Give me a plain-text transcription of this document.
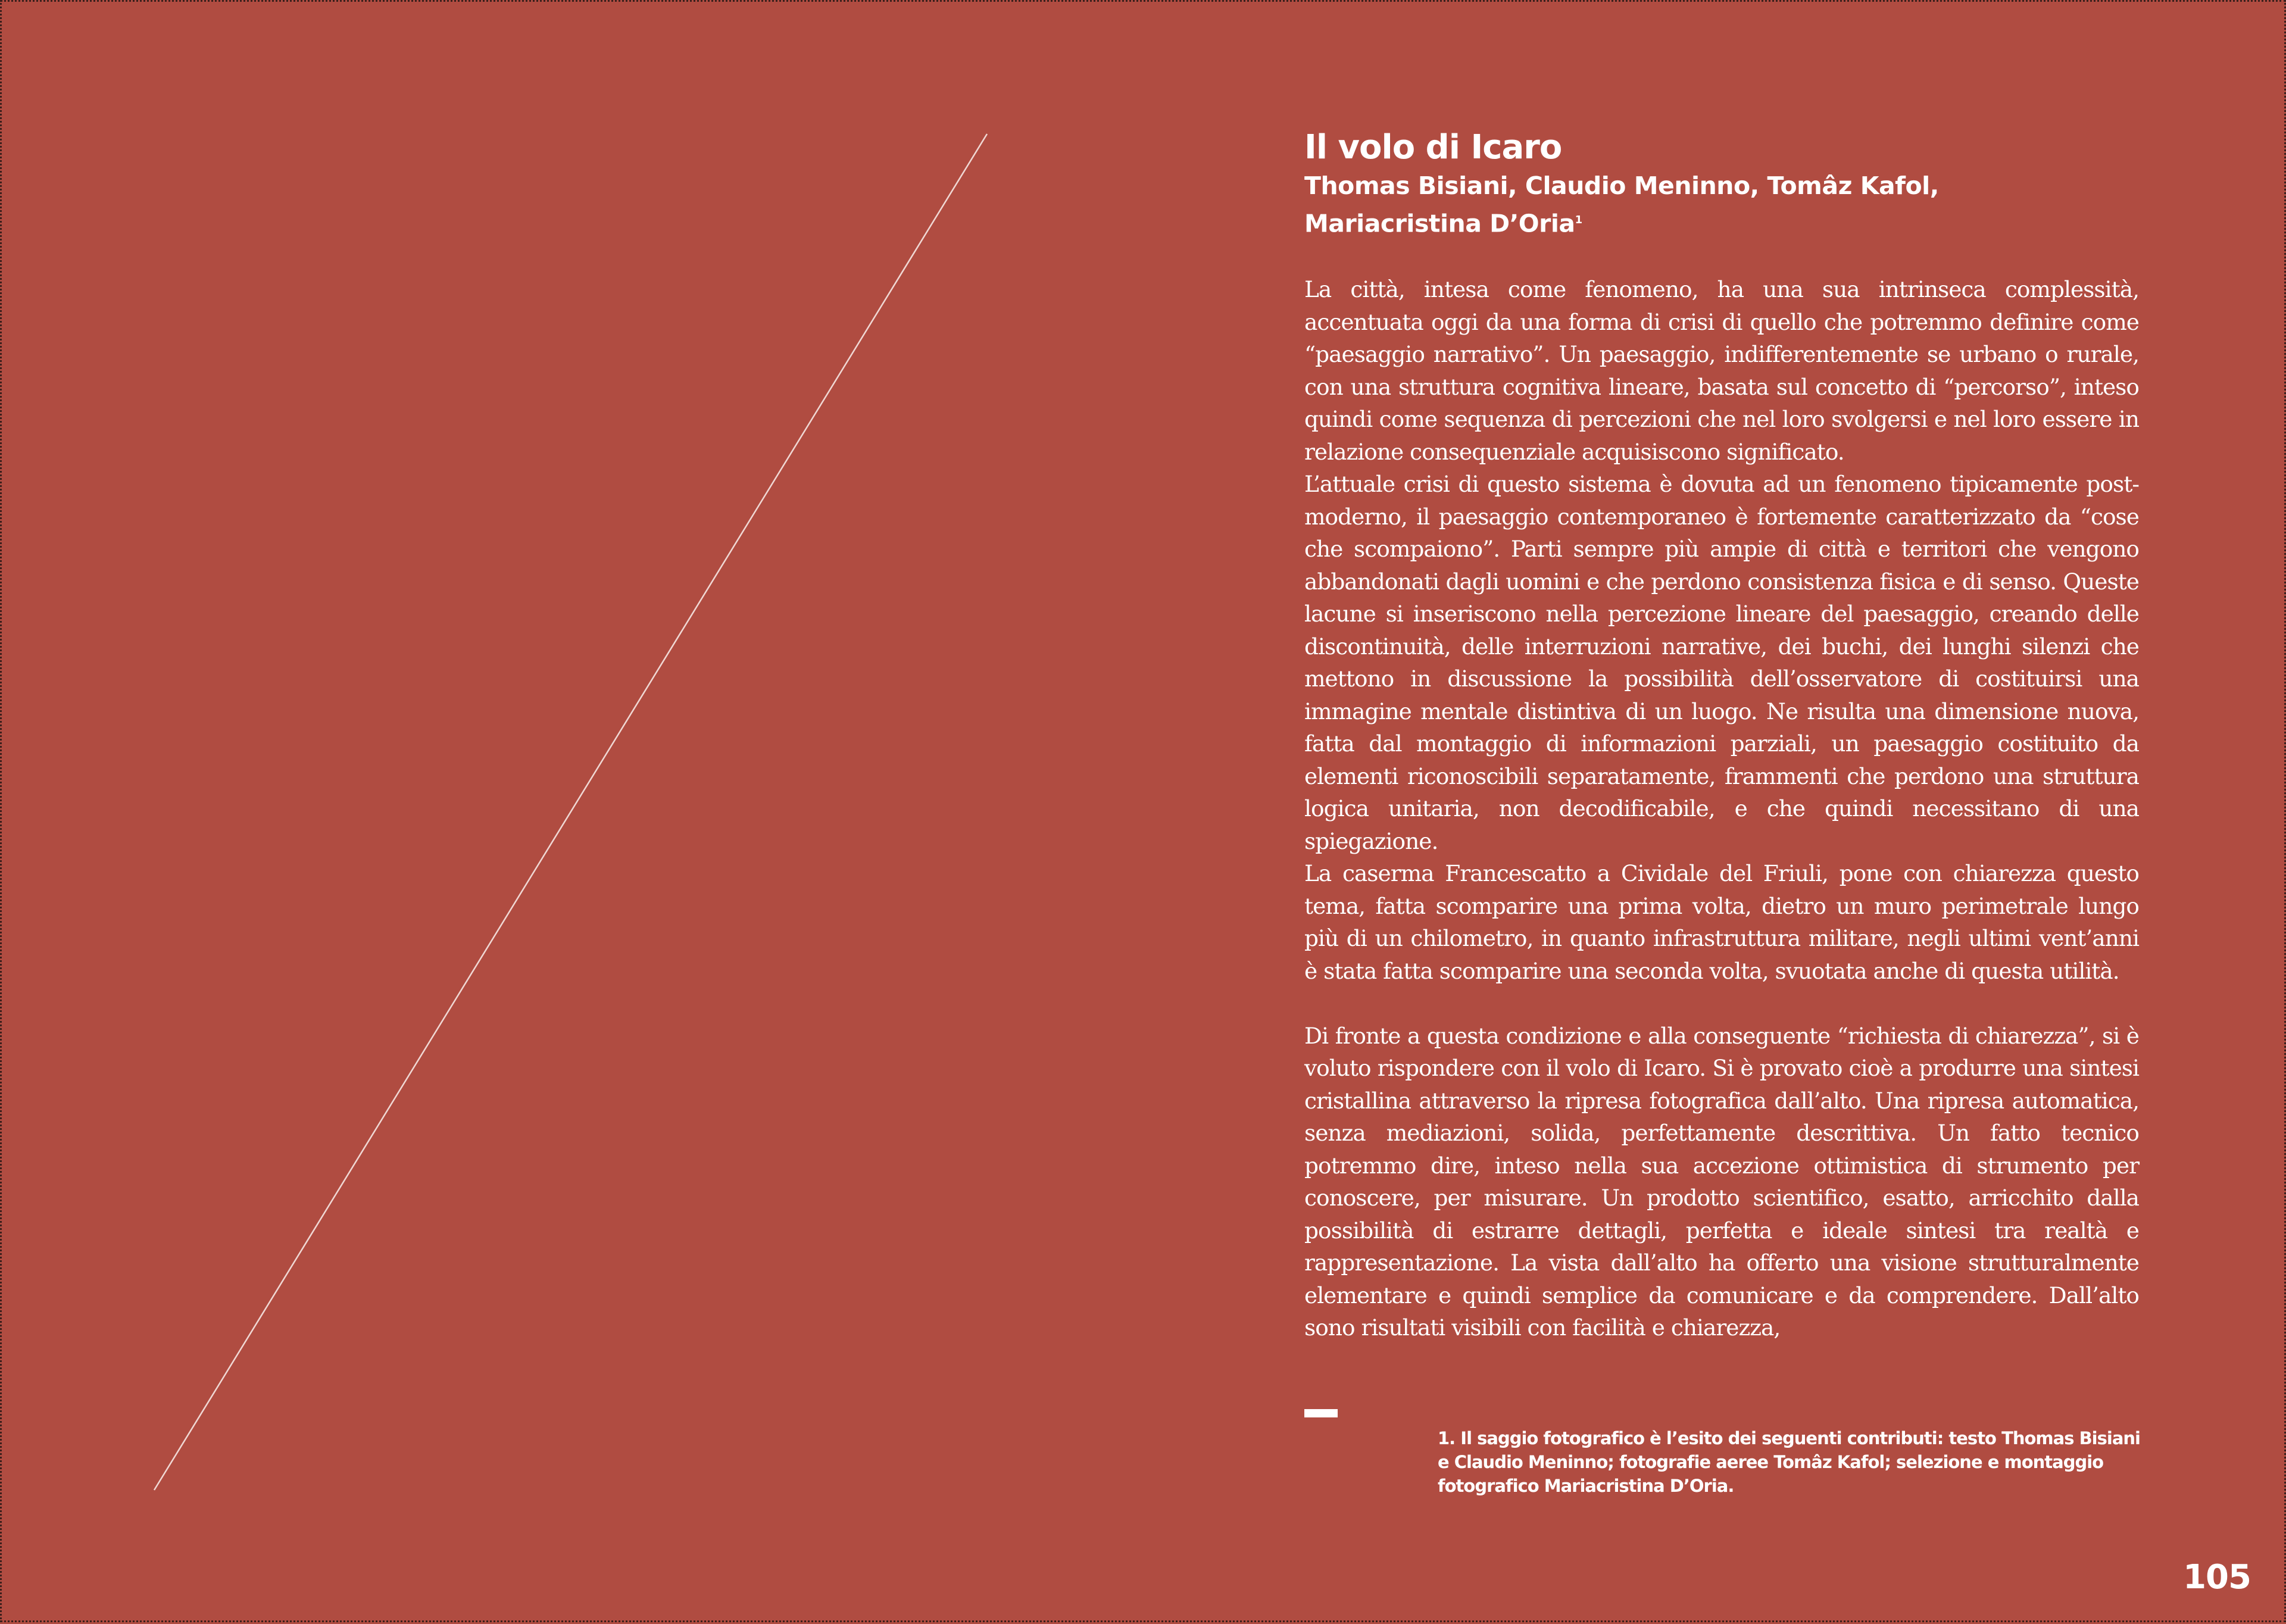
Il volo di Icaro
Thomas Bisiani, Claudio Meninno, Tomâz Kafol,
Mariacristina D’Oria$^1$

La città, intesa come fenomeno, ha una sua intrinseca complessità, accentuata oggi da una forma di crisi di quello che potremmo definire come “paesaggio narrativo”. Un paesaggio, indifferentemente se urbano o rurale, con una struttura cognitiva lineare, basata sul concetto di “percorso”, inteso quindi come sequenza di percezioni che nel loro svolgersi e nel loro essere in relazione consequenziale acquisiscono significato.

L’attuale crisi di questo sistema è dovuta ad un fenomeno tipicamente post-moderno, il paesaggio contemporaneo è fortemente caratterizzato da “cose che scompaiono”. Parti sempre più ampie di città e territori che vengono abbandonati dagli uomini e che perdono consistenza fisica e di senso. Queste lacune si inseriscono nella percezione lineare del paesaggio, creando delle discontinuità, delle interruzioni narrative, dei buchi, dei lunghi silenzi che mettono in discussione la possibilità dell’osservatore di costituirsi una immagine mentale distintiva di un luogo. Ne risulta una dimensione nuova, fatta dal montaggio di informazioni parziali, un paesaggio costituito da elementi riconoscibili separatamente, frammenti che perdono una struttura logica unitaria, non decodificabile, e che quindi necessitano di una spiegazione.

La caserma Francescatto a Cividale del Friuli, pone con chiarezza questo tema, fatta scomparire una prima volta, dietro un muro perimetrale lungo più di un chilometro, in quanto infrastruttura militare, negli ultimi vent’anni è stata fatta scomparire una seconda volta, svuotata anche di questa utilità.

Di fronte a questa condizione e alla conseguente “richiesta di chiarezza”, si è voluto rispondere con il volo di Icaro. Si è provato cioè a produrre una sintesi cristallina attraverso la ripresa fotografica dall’alto. Una ripresa automatica, senza mediazioni, solida, perfettamente descrittiva. Un fatto tecnico potremmo dire, inteso nella sua accezione ottimistica di strumento per conoscere, per misurare. Un prodotto scientifico, esatto, arricchito dalla possibilità di estrarre dettagli, perfetta e ideale sintesi tra realtà e rappresentazione. La vista dall’alto ha offerto una visione strutturalmente elementare e quindi semplice da comunicare e da comprendere. Dall’alto sono risultati visibili con facilità e chiarezza,

1. Il saggio fotografico è l’esito dei seguenti contributi: testo Thomas Bisiani e Claudio Meninno; fotografie aeree Tomâz Kafol; selezione e montaggio fotografico Mariacristina D’Oria.
105
